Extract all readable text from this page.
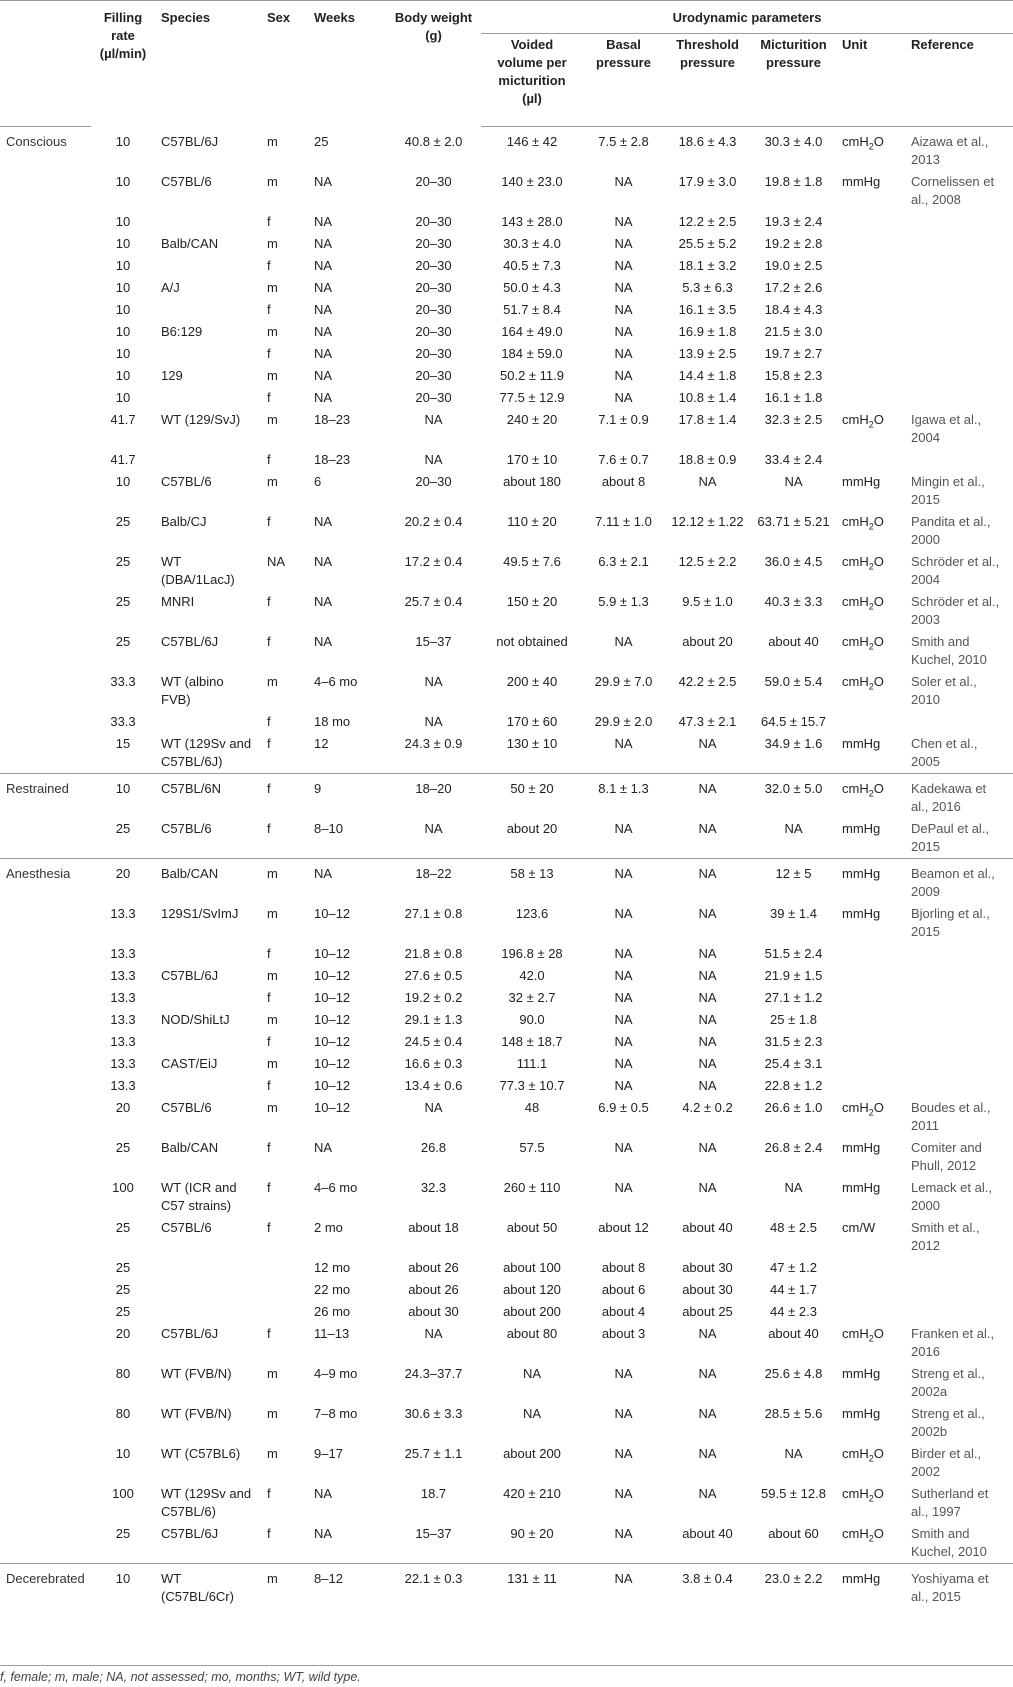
	Filling rate (µl/min)	Species	Sex	Weeks	Body weight (g)	Urodynamic parameters					
						Voided volume per micturition (µl)	Basal pressure	Threshold pressure	Micturition pressure	Unit	Reference
Conscious	10	C57BL/6J	m	25	40.8 ± 2.0	146 ± 42	7.5 ± 2.8	18.6 ± 4.3	30.3 ± 4.0	cmH$_2$O	Aizawa et al., 2013
	10	C57BL/6	m	NA	20–30	140 ± 23.0	NA	17.9 ± 3.0	19.8 ± 1.8	mmHg	Cornelissen et al., 2008
	10		f	NA	20–30	143 ± 28.0	NA	12.2 ± 2.5	19.3 ± 2.4		
	10	Balb/CAN	m	NA	20–30	30.3 ± 4.0	NA	25.5 ± 5.2	19.2 ± 2.8		
	10		f	NA	20–30	40.5 ± 7.3	NA	18.1 ± 3.2	19.0 ± 2.5		
	10	A/J	m	NA	20–30	50.0 ± 4.3	NA	5.3 ± 6.3	17.2 ± 2.6		
	10		f	NA	20–30	51.7 ± 8.4	NA	16.1 ± 3.5	18.4 ± 4.3		
	10	B6:129	m	NA	20–30	164 ± 49.0	NA	16.9 ± 1.8	21.5 ± 3.0		
	10		f	NA	20–30	184 ± 59.0	NA	13.9 ± 2.5	19.7 ± 2.7		
	10	129	m	NA	20–30	50.2 ± 11.9	NA	14.4 ± 1.8	15.8 ± 2.3		
	10		f	NA	20–30	77.5 ± 12.9	NA	10.8 ± 1.4	16.1 ± 1.8		
	41.7	WT (129/SvJ)	m	18–23	NA	240 ± 20	7.1 ± 0.9	17.8 ± 1.4	32.3 ± 2.5	cmH$_2$O	Igawa et al., 2004
	41.7		f	18–23	NA	170 ± 10	7.6 ± 0.7	18.8 ± 0.9	33.4 ± 2.4		
	10	C57BL/6	m	6	20–30	about 180	about 8	NA	NA	mmHg	Mingin et al., 2015
	25	Balb/CJ	f	NA	20.2 ± 0.4	110 ± 20	7.11 ± 1.0	12.12 ± 1.22	63.71 ± 5.21	cmH$_2$O	Pandita et al., 2000
	25	WT (DBA/1LacJ)	NA	NA	17.2 ± 0.4	49.5 ± 7.6	6.3 ± 2.1	12.5 ± 2.2	36.0 ± 4.5	cmH$_2$O	Schröder et al., 2004
	25	MNRI	f	NA	25.7 ± 0.4	150 ± 20	5.9 ± 1.3	9.5 ± 1.0	40.3 ± 3.3	cmH$_2$O	Schröder et al., 2003
	25	C57BL/6J	f	NA	15–37	not obtained	NA	about 20	about 40	cmH$_2$O	Smith and Kuchel, 2010
	33.3	WT (albino FVB)	m	4–6 mo	NA	200 ± 40	29.9 ± 7.0	42.2 ± 2.5	59.0 ± 5.4	cmH$_2$O	Soler et al., 2010
	33.3		f	18 mo	NA	170 ± 60	29.9 ± 2.0	47.3 ± 2.1	64.5 ± 15.7		
	15	WT (129Sv and C57BL/6J)	f	12	24.3 ± 0.9	130 ± 10	NA	NA	34.9 ± 1.6	mmHg	Chen et al., 2005
Restrained	10	C57BL/6N	f	9	18–20	50 ± 20	8.1 ± 1.3	NA	32.0 ± 5.0	cmH$_2$O	Kadekawa et al., 2016
	25	C57BL/6	f	8–10	NA	about 20	NA	NA	NA	mmHg	DePaul et al., 2015
Anesthesia	20	Balb/CAN	m	NA	18–22	58 ± 13	NA	NA	12 ± 5	mmHg	Beamon et al., 2009
	13.3	129S1/SvImJ	m	10–12	27.1 ± 0.8	123.6	NA	NA	39 ± 1.4	mmHg	Bjorling et al., 2015
	13.3		f	10–12	21.8 ± 0.8	196.8 ± 28	NA	NA	51.5 ± 2.4		
	13.3	C57BL/6J	m	10–12	27.6 ± 0.5	42.0	NA	NA	21.9 ± 1.5		
	13.3		f	10–12	19.2 ± 0.2	32 ± 2.7	NA	NA	27.1 ± 1.2		
	13.3	NOD/ShiLtJ	m	10–12	29.1 ± 1.3	90.0	NA	NA	25 ± 1.8		
	13.3		f	10–12	24.5 ± 0.4	148 ± 18.7	NA	NA	31.5 ± 2.3		
	13.3	CAST/EiJ	m	10–12	16.6 ± 0.3	111.1	NA	NA	25.4 ± 3.1		
	13.3		f	10–12	13.4 ± 0.6	77.3 ± 10.7	NA	NA	22.8 ± 1.2		
	20	C57BL/6	m	10–12	NA	48	6.9 ± 0.5	4.2 ± 0.2	26.6 ± 1.0	cmH$_2$O	Boudes et al., 2011
	25	Balb/CAN	f	NA	26.8	57.5	NA	NA	26.8 ± 2.4	mmHg	Comiter and Phull, 2012
	100	WT (ICR and C57 strains)	f	4–6 mo	32.3	260 ± 110	NA	NA	NA	mmHg	Lemack et al., 2000
	25	C57BL/6	f	2 mo	about 18	about 50	about 12	about 40	48 ± 2.5	cm/W	Smith et al., 2012
	25			12 mo	about 26	about 100	about 8	about 30	47 ± 1.2		
	25			22 mo	about 26	about 120	about 6	about 30	44 ± 1.7		
	25			26 mo	about 30	about 200	about 4	about 25	44 ± 2.3		
	20	C57BL/6J	f	11–13	NA	about 80	about 3	NA	about 40	cmH$_2$O	Franken et al., 2016
	80	WT (FVB/N)	m	4–9 mo	24.3–37.7	NA	NA	NA	25.6 ± 4.8	mmHg	Streng et al., 2002a
	80	WT (FVB/N)	m	7–8 mo	30.6 ± 3.3	NA	NA	NA	28.5 ± 5.6	mmHg	Streng et al., 2002b
	10	WT (C57BL6)	m	9–17	25.7 ± 1.1	about 200	NA	NA	NA	cmH$_2$O	Birder et al., 2002
	100	WT (129Sv and C57BL/6)	f	NA	18.7	420 ± 210	NA	NA	59.5 ± 12.8	cmH$_2$O	Sutherland et al., 1997
	25	C57BL/6J	f	NA	15–37	90 ± 20	NA	about 40	about 60	cmH$_2$O	Smith and Kuchel, 2010
Decerebrated	10	WT (C57BL/6Cr)	m	8–12	22.1 ± 0.3	131 ± 11	NA	3.8 ± 0.4	23.0 ± 2.2	mmHg	Yoshiyama et al., 2015
f, female; m, male; NA, not assessed; mo, months; WT, wild type.
